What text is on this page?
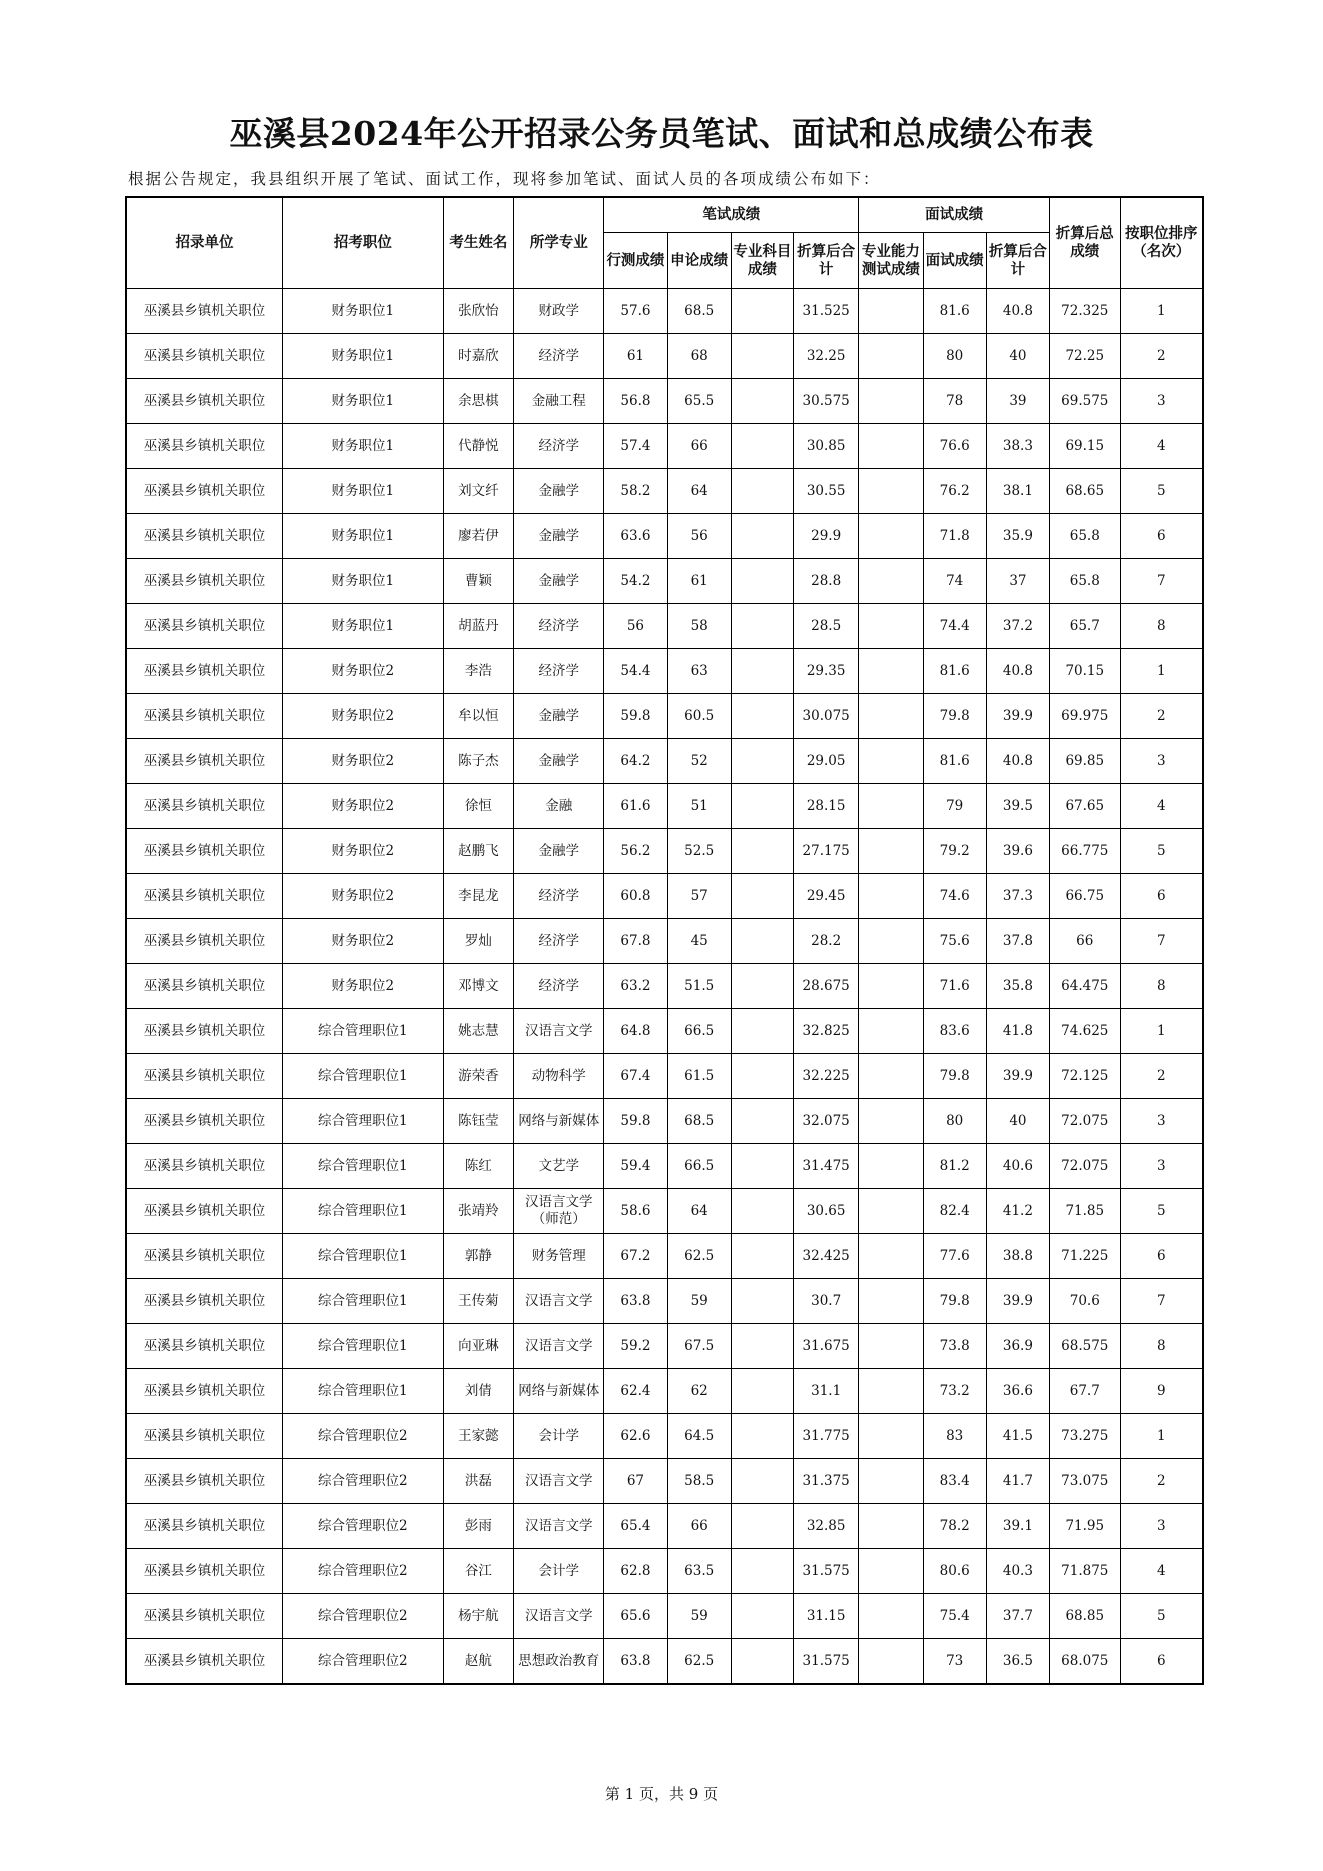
巫溪县2024年公开招录公务员笔试、面试和总成绩公布表
根据公告规定，我县组织开展了笔试、面试工作，现将参加笔试、面试人员的各项成绩公布如下：
招录单位	招考职位	考生姓名	所学专业	笔试成绩				面试成绩			折算后总成绩	按职位排序（名次）
				行测成绩	申论成绩	专业科目成绩	折算后合计	专业能力测试成绩	面试成绩	折算后合计		
巫溪县乡镇机关职位	财务职位1	张欣怡	财政学	57.6	68.5		31.525		81.6	40.8	72.325	1
巫溪县乡镇机关职位	财务职位1	时嘉欣	经济学	61	68		32.25		80	40	72.25	2
巫溪县乡镇机关职位	财务职位1	余思棋	金融工程	56.8	65.5		30.575		78	39	69.575	3
巫溪县乡镇机关职位	财务职位1	代静悦	经济学	57.4	66		30.85		76.6	38.3	69.15	4
巫溪县乡镇机关职位	财务职位1	刘文纤	金融学	58.2	64		30.55		76.2	38.1	68.65	5
巫溪县乡镇机关职位	财务职位1	廖若伊	金融学	63.6	56		29.9		71.8	35.9	65.8	6
巫溪县乡镇机关职位	财务职位1	曹颖	金融学	54.2	61		28.8		74	37	65.8	7
巫溪县乡镇机关职位	财务职位1	胡蓝丹	经济学	56	58		28.5		74.4	37.2	65.7	8
巫溪县乡镇机关职位	财务职位2	李浩	经济学	54.4	63		29.35		81.6	40.8	70.15	1
巫溪县乡镇机关职位	财务职位2	牟以恒	金融学	59.8	60.5		30.075		79.8	39.9	69.975	2
巫溪县乡镇机关职位	财务职位2	陈子杰	金融学	64.2	52		29.05		81.6	40.8	69.85	3
巫溪县乡镇机关职位	财务职位2	徐恒	金融	61.6	51		28.15		79	39.5	67.65	4
巫溪县乡镇机关职位	财务职位2	赵鹏飞	金融学	56.2	52.5		27.175		79.2	39.6	66.775	5
巫溪县乡镇机关职位	财务职位2	李昆龙	经济学	60.8	57		29.45		74.6	37.3	66.75	6
巫溪县乡镇机关职位	财务职位2	罗灿	经济学	67.8	45		28.2		75.6	37.8	66	7
巫溪县乡镇机关职位	财务职位2	邓博文	经济学	63.2	51.5		28.675		71.6	35.8	64.475	8
巫溪县乡镇机关职位	综合管理职位1	姚志慧	汉语言文学	64.8	66.5		32.825		83.6	41.8	74.625	1
巫溪县乡镇机关职位	综合管理职位1	游荣香	动物科学	67.4	61.5		32.225		79.8	39.9	72.125	2
巫溪县乡镇机关职位	综合管理职位1	陈钰莹	网络与新媒体	59.8	68.5		32.075		80	40	72.075	3
巫溪县乡镇机关职位	综合管理职位1	陈红	文艺学	59.4	66.5		31.475		81.2	40.6	72.075	3
巫溪县乡镇机关职位	综合管理职位1	张靖羚	汉语言文学（师范）	58.6	64		30.65		82.4	41.2	71.85	5
巫溪县乡镇机关职位	综合管理职位1	郭静	财务管理	67.2	62.5		32.425		77.6	38.8	71.225	6
巫溪县乡镇机关职位	综合管理职位1	王传菊	汉语言文学	63.8	59		30.7		79.8	39.9	70.6	7
巫溪县乡镇机关职位	综合管理职位1	向亚琳	汉语言文学	59.2	67.5		31.675		73.8	36.9	68.575	8
巫溪县乡镇机关职位	综合管理职位1	刘倩	网络与新媒体	62.4	62		31.1		73.2	36.6	67.7	9
巫溪县乡镇机关职位	综合管理职位2	王家懿	会计学	62.6	64.5		31.775		83	41.5	73.275	1
巫溪县乡镇机关职位	综合管理职位2	洪磊	汉语言文学	67	58.5		31.375		83.4	41.7	73.075	2
巫溪县乡镇机关职位	综合管理职位2	彭雨	汉语言文学	65.4	66		32.85		78.2	39.1	71.95	3
巫溪县乡镇机关职位	综合管理职位2	谷江	会计学	62.8	63.5		31.575		80.6	40.3	71.875	4
巫溪县乡镇机关职位	综合管理职位2	杨宇航	汉语言文学	65.6	59		31.15		75.4	37.7	68.85	5
巫溪县乡镇机关职位	综合管理职位2	赵航	思想政治教育	63.8	62.5		31.575		73	36.5	68.075	6
第 1 页，共 9 页
